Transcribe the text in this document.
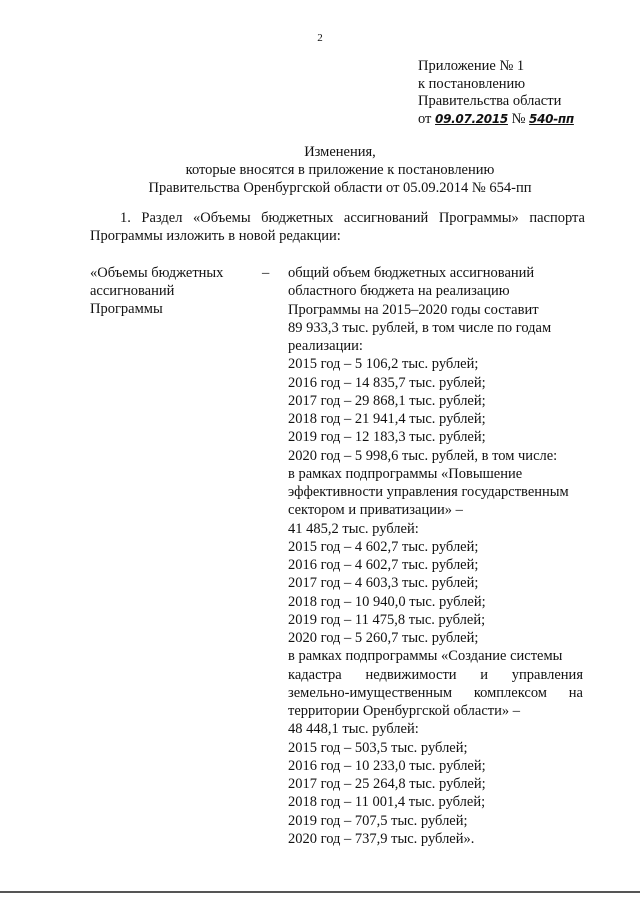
2
Приложение № 1
к постановлению
Правительства области
от 09.07.2015 № 540-пп
Изменения,
которые вносятся в приложение к постановлению
Правительства Оренбургской области от 05.09.2014 № 654-пп
1. Раздел «Объемы бюджетных ассигнований Программы» паспорта
Программы изложить в новой редакции:
«Объемы бюджетных
ассигнований
Программы
– общий объем бюджетных ассигнований
областного бюджета на реализацию
Программы на 2015–2020 годы составит
89 933,3 тыс. рублей, в том числе по годам
реализации:
2015 год – 5 106,2 тыс. рублей;
2016 год – 14 835,7 тыс. рублей;
2017 год – 29 868,1 тыс. рублей;
2018 год – 21 941,4 тыс. рублей;
2019 год – 12 183,3 тыс. рублей;
2020 год – 5 998,6 тыс. рублей, в том числе:
в рамках подпрограммы «Повышение
эффективности управления государственным
сектором и приватизации» –
41 485,2 тыс. рублей:
2015 год – 4 602,7 тыс. рублей;
2016 год – 4 602,7 тыс. рублей;
2017 год – 4 603,3 тыс. рублей;
2018 год – 10 940,0 тыс. рублей;
2019 год – 11 475,8 тыс. рублей;
2020 год – 5 260,7 тыс. рублей;
в рамках подпрограммы «Создание системы
кадастра недвижимости и управления
земельно-имущественным комплексом на
территории Оренбургской области» –
48 448,1 тыс. рублей:
2015 год – 503,5 тыс. рублей;
2016 год – 10 233,0 тыс. рублей;
2017 год – 25 264,8 тыс. рублей;
2018 год – 11 001,4 тыс. рублей;
2019 год – 707,5 тыс. рублей;
2020 год – 737,9 тыс. рублей».
